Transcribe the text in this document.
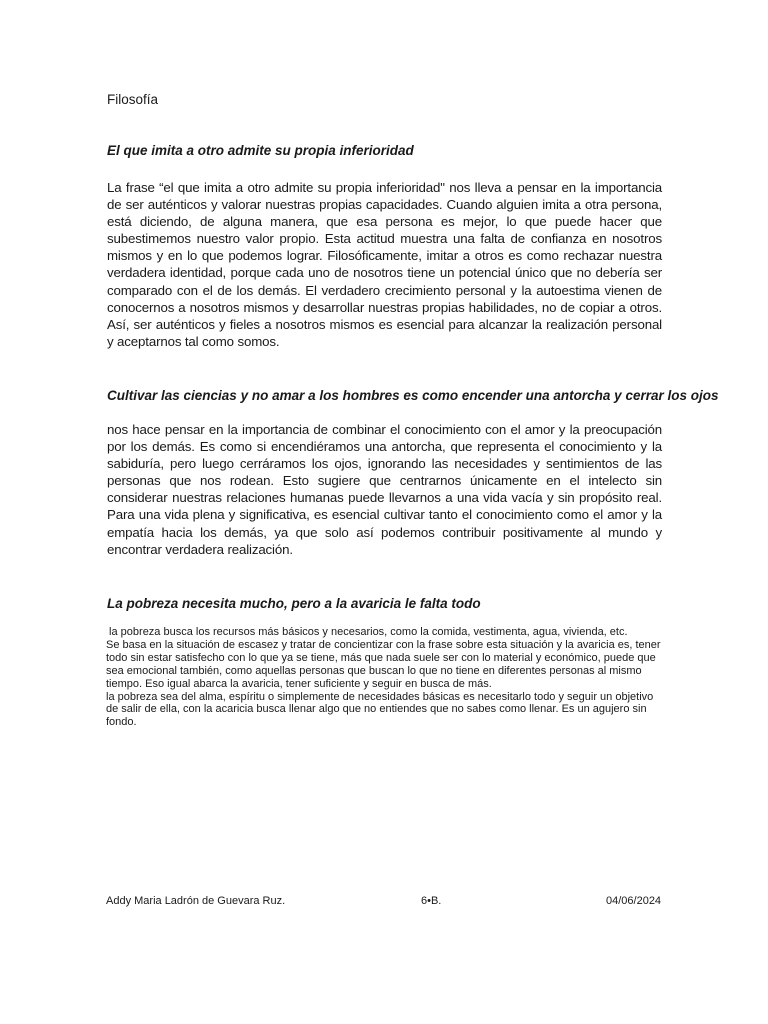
Filosofía
El que imita a otro admite su propia inferioridad
La frase “el que imita a otro admite su propia inferioridad" nos lleva a pensar en la importancia de ser auténticos y valorar nuestras propias capacidades. Cuando alguien imita a otra persona, está diciendo, de alguna manera, que esa persona es mejor, lo que puede hacer que subestimemos nuestro valor propio. Esta actitud muestra una falta de confianza en nosotros mismos y en lo que podemos lograr. Filosóficamente, imitar a otros es como rechazar nuestra verdadera identidad, porque cada uno de nosotros tiene un potencial único que no debería ser comparado con el de los demás. El verdadero crecimiento personal y la autoestima vienen de conocernos a nosotros mismos y desarrollar nuestras propias habilidades, no de copiar a otros. Así, ser auténticos y fieles a nosotros mismos es esencial para alcanzar la realización personal y aceptarnos tal como somos.
Cultivar las ciencias y no amar a los hombres es como encender una antorcha y cerrar los ojos
nos hace pensar en la importancia de combinar el conocimiento con el amor y la preocupación por los demás. Es como si encendiéramos una antorcha, que representa el conocimiento y la sabiduría, pero luego cerráramos los ojos, ignorando las necesidades y sentimientos de las personas que nos rodean. Esto sugiere que centrarnos únicamente en el intelecto sin considerar nuestras relaciones humanas puede llevarnos a una vida vacía y sin propósito real. Para una vida plena y significativa, es esencial cultivar tanto el conocimiento como el amor y la empatía hacia los demás, ya que solo así podemos contribuir positivamente al mundo y encontrar verdadera realización.
La pobreza necesita mucho, pero a la avaricia le falta todo

la pobreza busca los recursos más básicos y necesarios, como la comida, vestimenta, agua, vivienda, etc.

Se basa en la situación de escasez y tratar de concientizar con la frase sobre esta situación y la avaricia es, tener todo sin estar satisfecho con lo que ya se tiene, más que nada suele ser con lo material y económico, puede que sea emocional también, como aquellas personas que buscan lo que no tiene en diferentes personas al mismo tiempo. Eso igual abarca la avaricia, tener suficiente y seguir en busca de más.

la pobreza sea del alma, espíritu o simplemente de necesidades básicas es necesitarlo todo y seguir un objetivo de salir de ella, con la acaricia busca llenar algo que no entiendes que no sabes como llenar. Es un agujero sin fondo.

Addy Maria Ladrón de Guevara Ruz.	6•B.	04/06/2024
